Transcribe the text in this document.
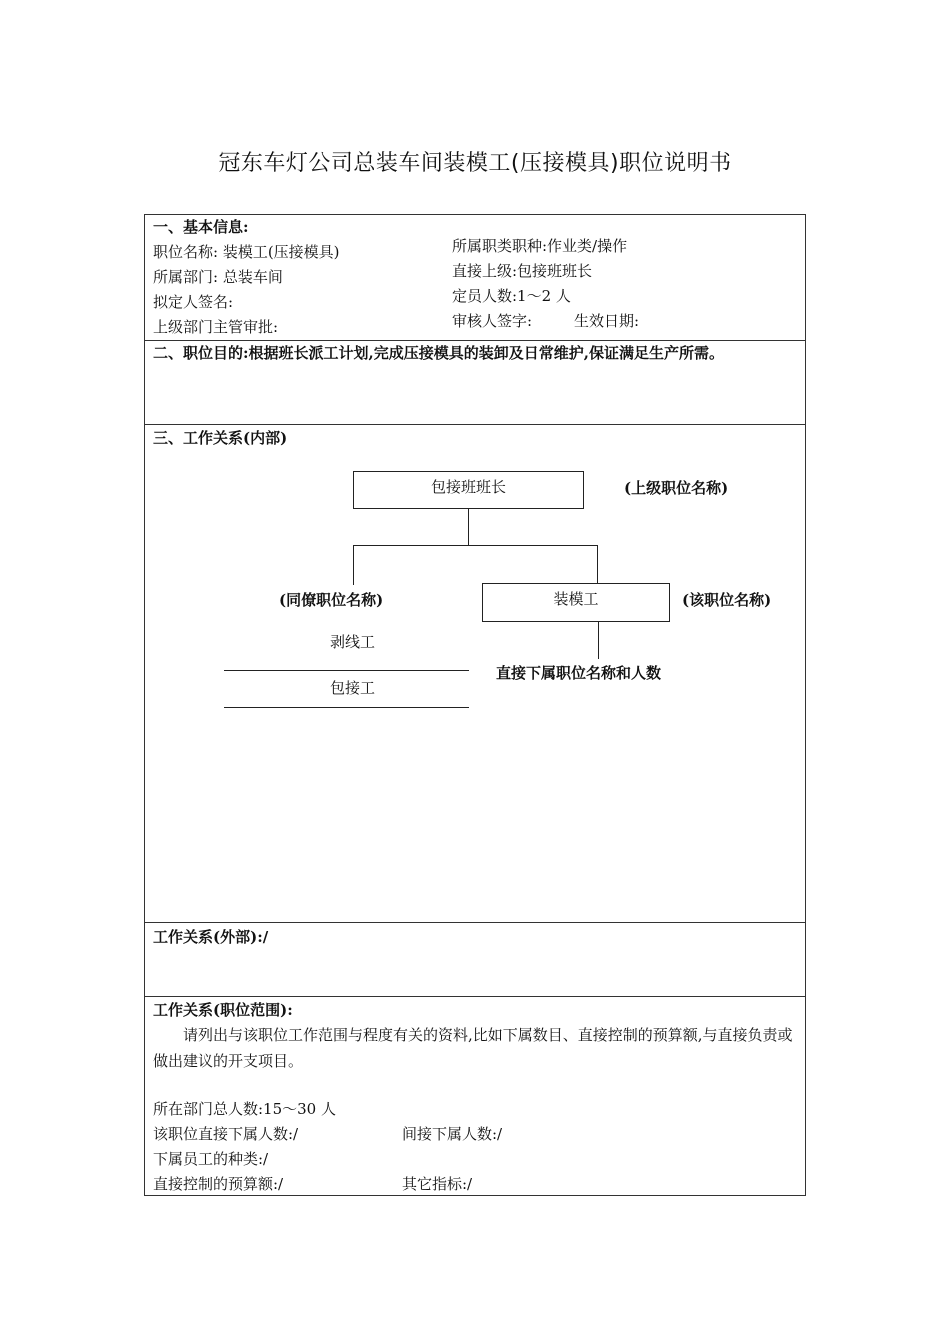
冠东车灯公司总装车间装模工(压接模具)职位说明书
一、基本信息:
职位名称: 装模工(压接模具)
所属部门: 总装车间
拟定人签名:
上级部门主管审批:
所属职类职种:作业类/操作
直接上级:包接班班长
定员人数:1～2 人
审核人签字:	生效日期:
二、职位目的:根据班长派工计划,完成压接模具的装卸及日常维护,保证满足生产所需。
三、工作关系(内部)
包接班班长	(上级职位名称)
(同僚职位名称)	装模工	(该职位名称)
剥线工
包接工
直接下属职位名称和人数
工作关系(外部):/
工作关系(职位范围):
请列出与该职位工作范围与程度有关的资料,比如下属数目、直接控制的预算额,与直接负责或做出建议的开支项目。
所在部门总人数:15～30 人
该职位直接下属人数:/	间接下属人数:/
下属员工的种类:/
直接控制的预算额:/	其它指标:/
